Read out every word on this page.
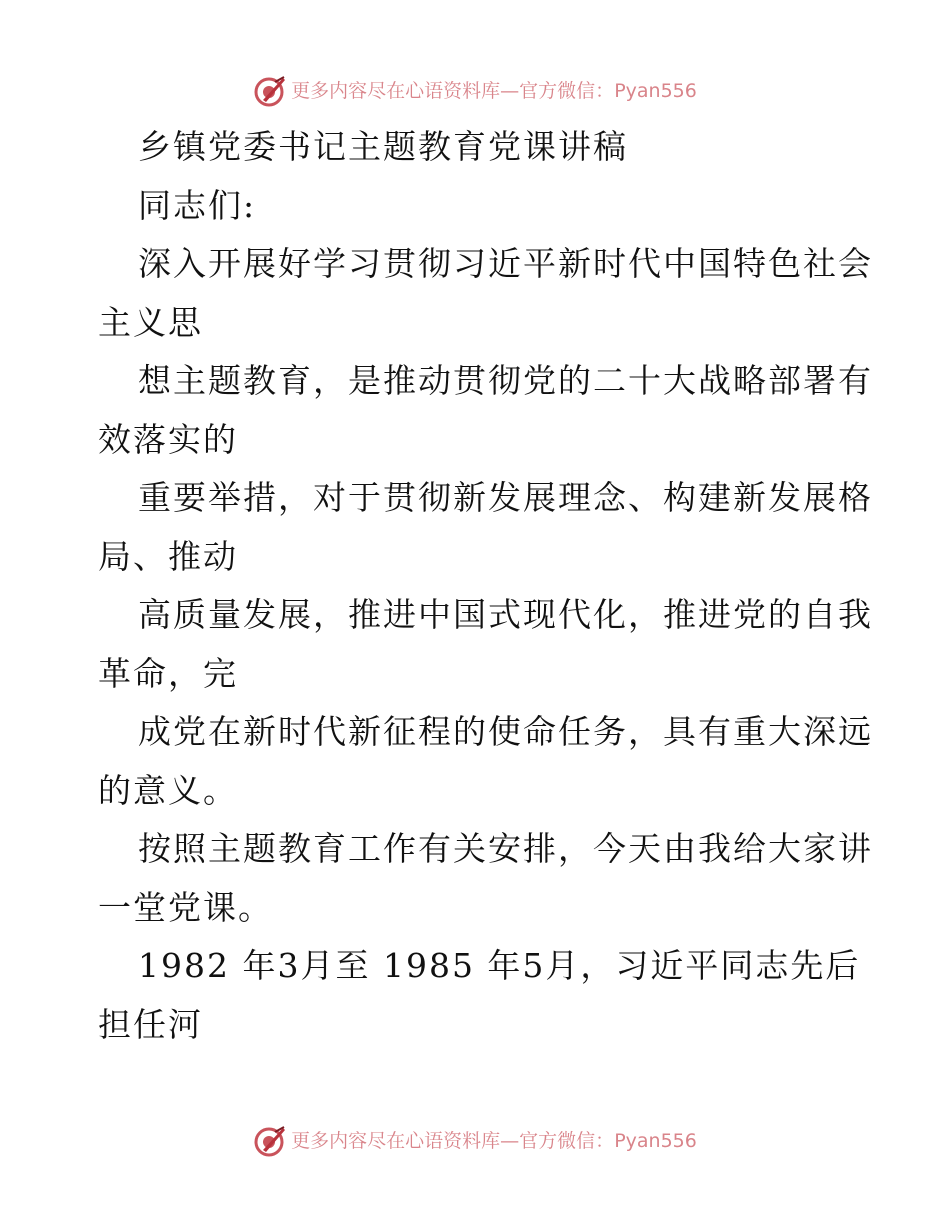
更多内容尽在心语资料库 — 官方微信： Pyan556
乡镇党委书记主题教育党课讲稿
同志们:
深入开展好学习贯彻习近平新时代中国特色社会
主义思
想主题教育，是推动贯彻党的二十大战略部署有
效落实的
重要举措，对于贯彻新发展理念、构建新发展格
局、推动
高质量发展，推进中国式现代化，推进党的自我
革命，完
成党在新时代新征程的使命任务，具有重大深远
的意义。
按照主题教育工作有关安排，今天由我给大家讲
一堂党课。
1982 年3月至 1985 年5月，习近平同志先后
担任河
更多内容尽在心语资料库 — 官方微信： Pyan556
